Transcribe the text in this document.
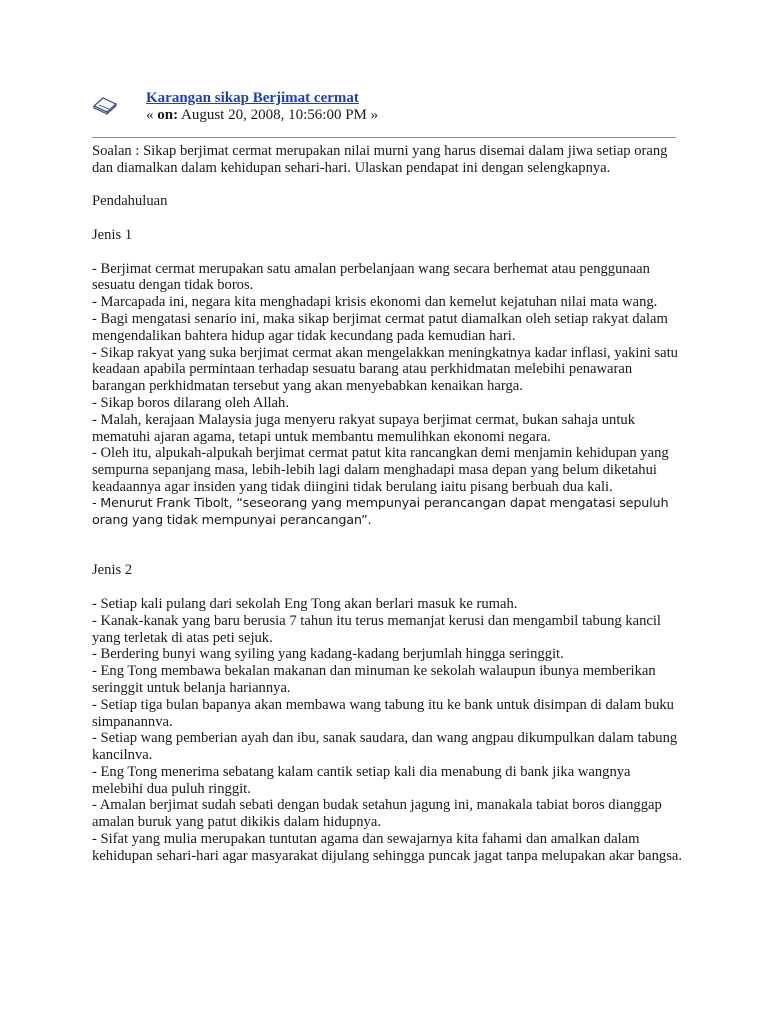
Karangan sikap Berjimat cermat
« on: August 20, 2008, 10:56:00 PM »

Soalan : Sikap berjimat cermat merupakan nilai murni yang harus disemai dalam jiwa setiap orang dan diamalkan dalam kehidupan sehari-hari. Ulaskan pendapat ini dengan selengkapnya.

Pendahuluan

Jenis 1

- Berjimat cermat merupakan satu amalan perbelanjaan wang secara berhemat atau penggunaan sesuatu dengan tidak boros.

- Marcapada ini, negara kita menghadapi krisis ekonomi dan kemelut kejatuhan nilai mata wang.

- Bagi mengatasi senario ini, maka sikap berjimat cermat patut diamalkan oleh setiap rakyat dalam mengendalikan bahtera hidup agar tidak kecundang pada kemudian hari.

- Sikap rakyat yang suka berjimat cermat akan mengelakkan meningkatnya kadar inflasi, yakini satu keadaan apabila permintaan terhadap sesuatu barang atau perkhidmatan melebihi penawaran barangan perkhidmatan tersebut yang akan menyebabkan kenaikan harga.

- Sikap boros dilarang oleh Allah.

- Malah, kerajaan Malaysia juga menyeru rakyat supaya berjimat cermat, bukan sahaja untuk mematuhi ajaran agama, tetapi untuk membantu memulihkan ekonomi negara.

- Oleh itu, alpukah-alpukah berjimat cermat patut kita rancangkan demi menjamin kehidupan yang sempurna sepanjang masa, lebih-lebih lagi dalam menghadapi masa depan yang belum diketahui keadaannya agar insiden yang tidak diingini tidak berulang iaitu pisang berbuah dua kali.

- Menurut Frank Tibolt, “seseorang yang mempunyai perancangan dapat mengatasi sepuluh orang yang tidak mempunyai perancangan”.

Jenis 2

- Setiap kali pulang dari sekolah Eng Tong akan berlari masuk ke rumah.

- Kanak-kanak yang baru berusia 7 tahun itu terus memanjat kerusi dan mengambil tabung kancil yang terletak di atas peti sejuk.

- Berdering bunyi wang syiling yang kadang-kadang berjumlah hingga seringgit.

- Eng Tong membawa bekalan makanan dan minuman ke sekolah walaupun ibunya memberikan seringgit untuk belanja hariannya.

- Setiap tiga bulan bapanya akan membawa wang tabung itu ke bank untuk disimpan di dalam buku simpanannva.

- Setiap wang pemberian ayah dan ibu, sanak saudara, dan wang angpau dikumpulkan dalam tabung kancilnva.

- Eng Tong menerima sebatang kalam cantik setiap kali dia menabung di bank jika wangnya melebihi dua puluh ringgit.

- Amalan berjimat sudah sebati dengan budak setahun jagung ini, manakala tabiat boros dianggap amalan buruk yang patut dikikis dalam hidupnya.

- Sifat yang mulia merupakan tuntutan agama dan sewajarnya kita fahami dan amalkan dalam kehidupan sehari-hari agar masyarakat dijulang sehingga puncak jagat tanpa melupakan akar bangsa.
